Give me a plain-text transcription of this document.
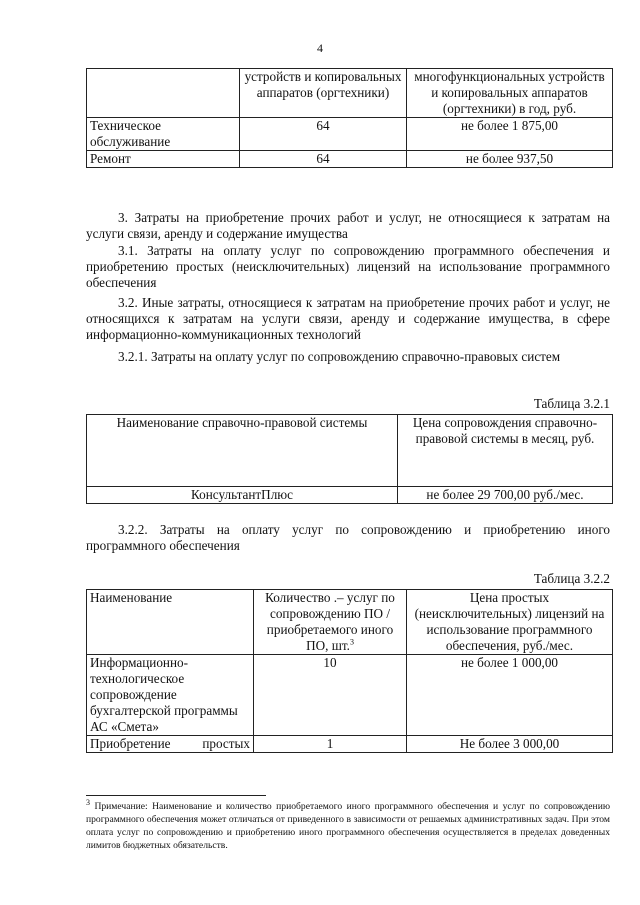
4
	устройств и копировальных аппаратов (оргтехники)	многофункциональных устройств и копировальных аппаратов (оргтехники) в год, руб.
Техническое обслуживание	64	не более 1 875,00
Ремонт	64	не более 937,50

3. Затраты на приобретение прочих работ и услуг, не относящиеся к затратам на услуги связи, аренду и содержание имущества

3.1. Затраты на оплату услуг по сопровождению программного обеспечения и приобретению простых (неисключительных) лицензий на использование программного обеспечения

3.2. Иные затраты, относящиеся к затратам на приобретение прочих работ и услуг, не относящихся к затратам на услуги связи, аренду и содержание имущества, в сфере информационно-коммуникационных технологий

3.2.1. Затраты на оплату услуг по сопровождению справочно-правовых систем

Таблица 3.2.1
Наименование справочно-правовой системы	Цена сопровождения справочно-правовой системы в месяц, руб.
КонсультантПлюс	не более 29 700,00 руб./мес.

3.2.2. Затраты на оплату услуг по сопровождению и приобретению иного программного обеспечения

Таблица 3.2.2
Наименование	Количество .– услуг по сопровождению ПО / приобретаемого иного ПО, шт.$^3$	Цена простых (неисключительных) лицензий на использование программного обеспечения, руб./мес.
Информационно-технологическое сопровождение бухгалтерской программы АС «Смета»	10	не более 1 000,00
Приобретение простых	1	Не более 3 000,00

$^3$ Примечание: Наименование и количество приобретаемого иного программного обеспечения и услуг по сопровождению программного обеспечения может отличаться от приведенного в зависимости от решаемых административных задач. При этом оплата услуг по сопровождению и приобретению иного программного обеспечения осуществляется в пределах доведенных лимитов бюджетных обязательств.
